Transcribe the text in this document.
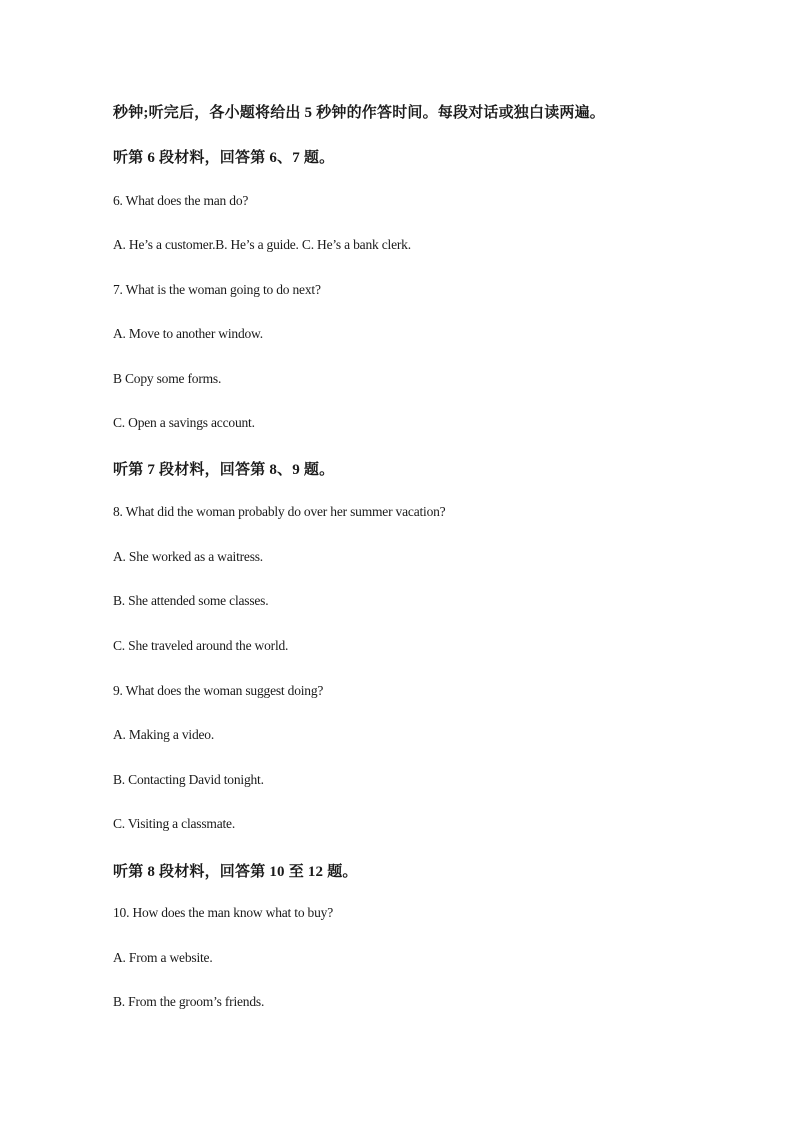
秒钟;听完后，各小题将给出 5 秒钟的作答时间。每段对话或独白读两遍。
听第 6 段材料，回答第 6、7 题。
6. What does the man do?
A. He’s a customer.B. He’s a guide. C. He’s a bank clerk.
7. What is the woman going to do next?
A. Move to another window.
B Copy some forms.
C. Open a savings account.
听第 7 段材料，回答第 8、9 题。
8. What did the woman probably do over her summer vacation?
A. She worked as a waitress.
B. She attended some classes.
C. She traveled around the world.
9. What does the woman suggest doing?
A. Making a video.
B. Contacting David tonight.
C. Visiting a classmate.
听第 8 段材料，回答第 10 至 12 题。
10. How does the man know what to buy?
A. From a website.
B. From the groom’s friends.
